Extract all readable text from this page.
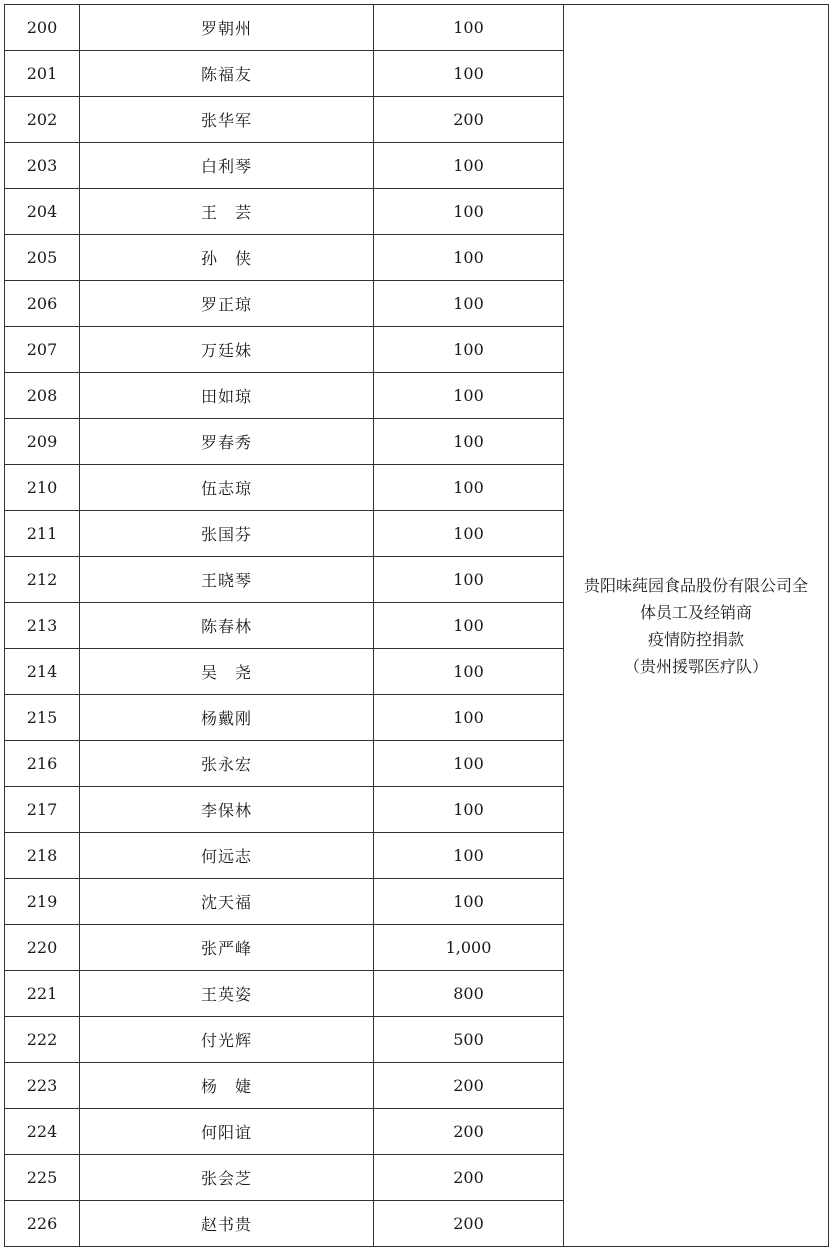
200	罗朝州	100	贵阳味莼园食品股份有限公司全
体员工及经销商
疫情防控捐款
（贵州援鄂医疗队）

201	陈福友	100	
202	张华军	200	
203	白利琴	100	
204	王　芸	100	
205	孙　侠	100	
206	罗正琼	100	
207	万廷妹	100	
208	田如琼	100	
209	罗春秀	100	
210	伍志琼	100	
211	张国芬	100	
212	王晓琴	100	
213	陈春林	100	
214	吴　尧	100	
215	杨戴刚	100	
216	张永宏	100	
217	李保林	100	
218	何远志	100	
219	沈天福	100	
220	张严峰	1,000	
221	王英姿	800	
222	付光辉	500	
223	杨　婕	200	
224	何阳谊	200	
225	张会芝	200	
226	赵书贵	200	
